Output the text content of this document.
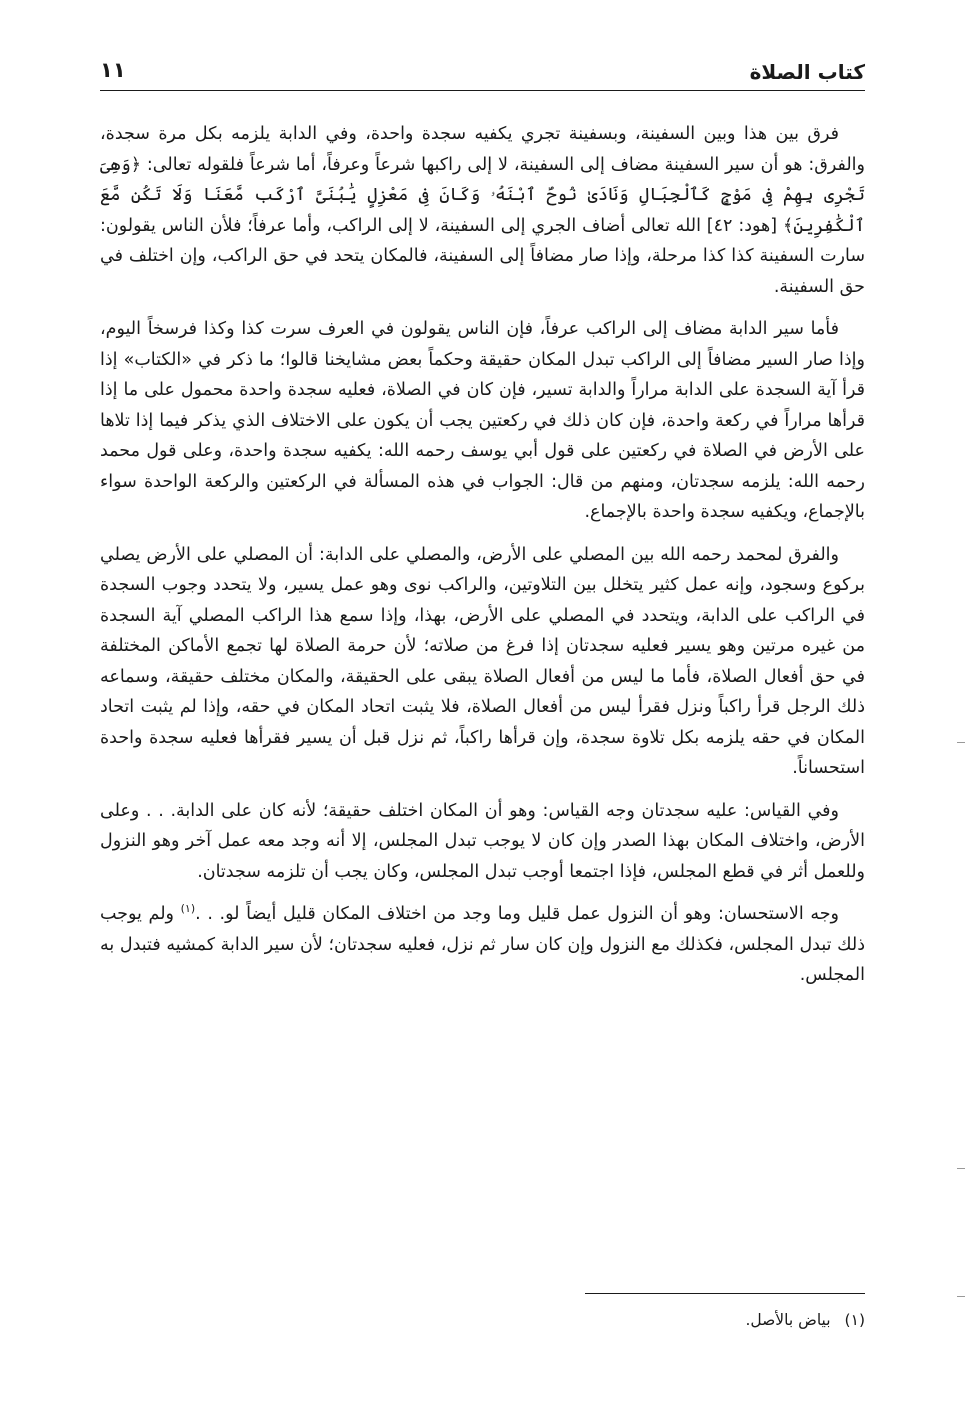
كتاب الصلاة
١١

فرق بين هذا وبين السفينة، وبسفينة تجري يكفيه سجدة واحدة، وفي الدابة يلزمه بكل مرة سجدة، والفرق: هو أن سير السفينة مضاف إلى السفينة، لا إلى راكبها شرعاً وعرفاً، أما شرعاً فلقوله تعالى: ﴿وَهِىَ تَجْرِى بِهِمْ فِى مَوْجٍ كَٱلْجِبَالِ وَنَادَىٰ نُوحٌ ٱبْنَهُۥ وَكَانَ فِى مَعْزِلٍ يَٰبُنَىَّ ٱرْكَب مَّعَنَا وَلَا تَكُن مَّعَ ٱلْكَٰفِرِينَ﴾ [هود: ٤٢] الله تعالى أضاف الجري إلى السفينة، لا إلى الراكب، وأما عرفاً؛ فلأن الناس يقولون: سارت السفينة كذا كذا مرحلة، وإذا صار مضافاً إلى السفينة، فالمكان يتحد في حق الراكب، وإن اختلف في حق السفينة.

فأما سير الدابة مضاف إلى الراكب عرفاً، فإن الناس يقولون في العرف سرت كذا وكذا فرسخاً اليوم، وإذا صار السير مضافاً إلى الراكب تبدل المكان حقيقة وحكماً بعض مشايخنا قالوا؛ ما ذكر في «الكتاب» إذا قرأ آية السجدة على الدابة مراراً والدابة تسير، فإن كان في الصلاة، فعليه سجدة واحدة محمول على ما إذا قرأها مراراً في ركعة واحدة، فإن كان ذلك في ركعتين يجب أن يكون على الاختلاف الذي يذكر فيما إذا تلاها على الأرض في الصلاة في ركعتين على قول أبي يوسف رحمه الله: يكفيه سجدة واحدة، وعلى قول محمد رحمه الله: يلزمه سجدتان، ومنهم من قال: الجواب في هذه المسألة في الركعتين والركعة الواحدة سواء بالإجماع، ويكفيه سجدة واحدة بالإجماع.

والفرق لمحمد رحمه الله بين المصلي على الأرض، والمصلي على الدابة: أن المصلي على الأرض يصلي بركوع وسجود، وإنه عمل كثير يتخلل بين التلاوتين، والراكب نوى وهو عمل يسير، ولا يتحدد وجوب السجدة في الراكب على الدابة، ويتحدد في المصلي على الأرض، بهذا، وإذا سمع هذا الراكب المصلي آية السجدة من غيره مرتين وهو يسير فعليه سجدتان إذا فرغ من صلاته؛ لأن حرمة الصلاة لها تجمع الأماكن المختلفة في حق أفعال الصلاة، فأما ما ليس من أفعال الصلاة يبقى على الحقيقة، والمكان مختلف حقيقة، وسماعه ذلك الرجل قرأ راكباً ونزل فقرأ ليس من أفعال الصلاة، فلا يثبت اتحاد المكان في حقه، وإذا لم يثبت اتحاد المكان في حقه يلزمه بكل تلاوة سجدة، وإن قرأها راكباً، ثم نزل قبل أن يسير فقرأها فعليه سجدة واحدة استحساناً.

وفي القياس: عليه سجدتان وجه القياس: وهو أن المكان اختلف حقيقة؛ لأنه كان على الدابة. . . وعلى الأرض، واختلاف المكان بهذا الصدر وإن كان لا يوجب تبدل المجلس، إلا أنه وجد معه عمل آخر وهو النزول وللعمل أثر في قطع المجلس، فإذا اجتمعا أوجب تبدل المجلس، وكان يجب أن تلزمه سجدتان.

وجه الاستحسان: وهو أن النزول عمل قليل وما وجد من اختلاف المكان قليل أيضاً لو. . .$^{(١)}$ ولم يوجب ذلك تبدل المجلس، فكذلك مع النزول وإن كان سار ثم نزل، فعليه سجدتان؛ لأن سير الدابة كمشيه فتبدل به المجلس.

(١)بياض بالأصل.
